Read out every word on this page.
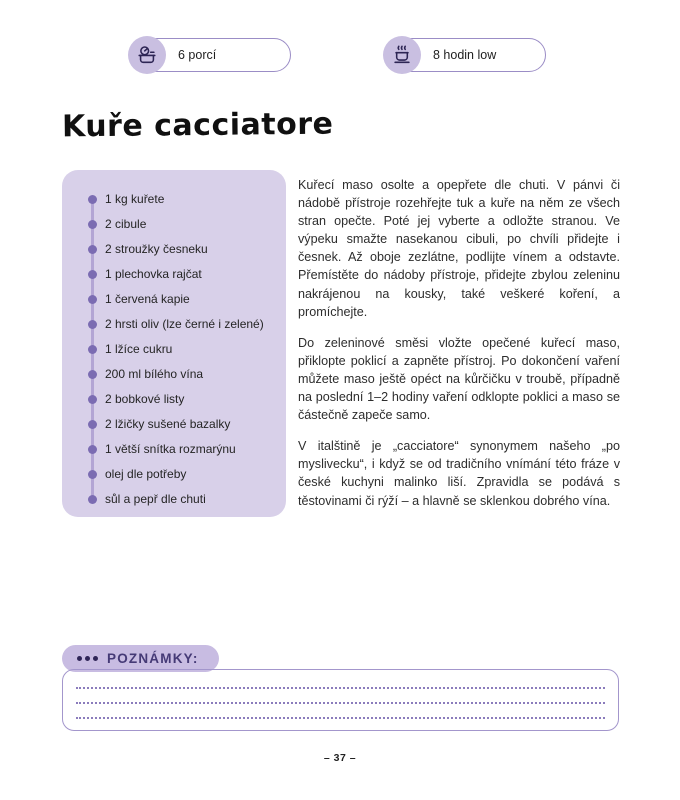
6 porcí	8 hodin low
Kuře cacciatore
1 kg kuřete
2 cibule
2 stroužky česneku
1 plechovka rajčat
1 červená kapie
2 hrsti oliv (lze černé i zelené)
1 lžíce cukru
200 ml bílého vína
2 bobkové listy
2 lžičky sušené bazalky
1 větší snítka rozmarýnu
olej dle potřeby
sůl a pepř dle chuti

Kuřecí maso osolte a opepřete dle chuti. V pánvi či nádobě přístroje rozehřejte tuk a kuře na něm ze všech stran opečte. Poté jej vyberte a odložte stranou. Ve výpeku smažte nasekanou cibuli, po chvíli přidejte i česnek. Až oboje zezlátne, podlijte vínem a odstavte. Přemístěte do nádoby přístroje, přidejte zbylou zeleninu nakrájenou na kousky, také veškeré koření, a promíchejte.

Do zeleninové směsi vložte opečené kuřecí maso, přiklopte poklicí a zapněte přístroj. Po dokončení vaření můžete maso ještě opéct na kůrčičku v troubě, případně na poslední 1–2 hodiny vaření odklopte poklici a maso se částečně zapeče samo.

V italštině je „cacciatore“ synonymem našeho „po myslivecku“, i když se od tradičního vnímání této fráze v české kuchyni malinko liší. Zpravidla se podává s těstovinami či rýží – a hlavně se sklenkou dobrého vína.

POZNÁMKY:
– 37 –
